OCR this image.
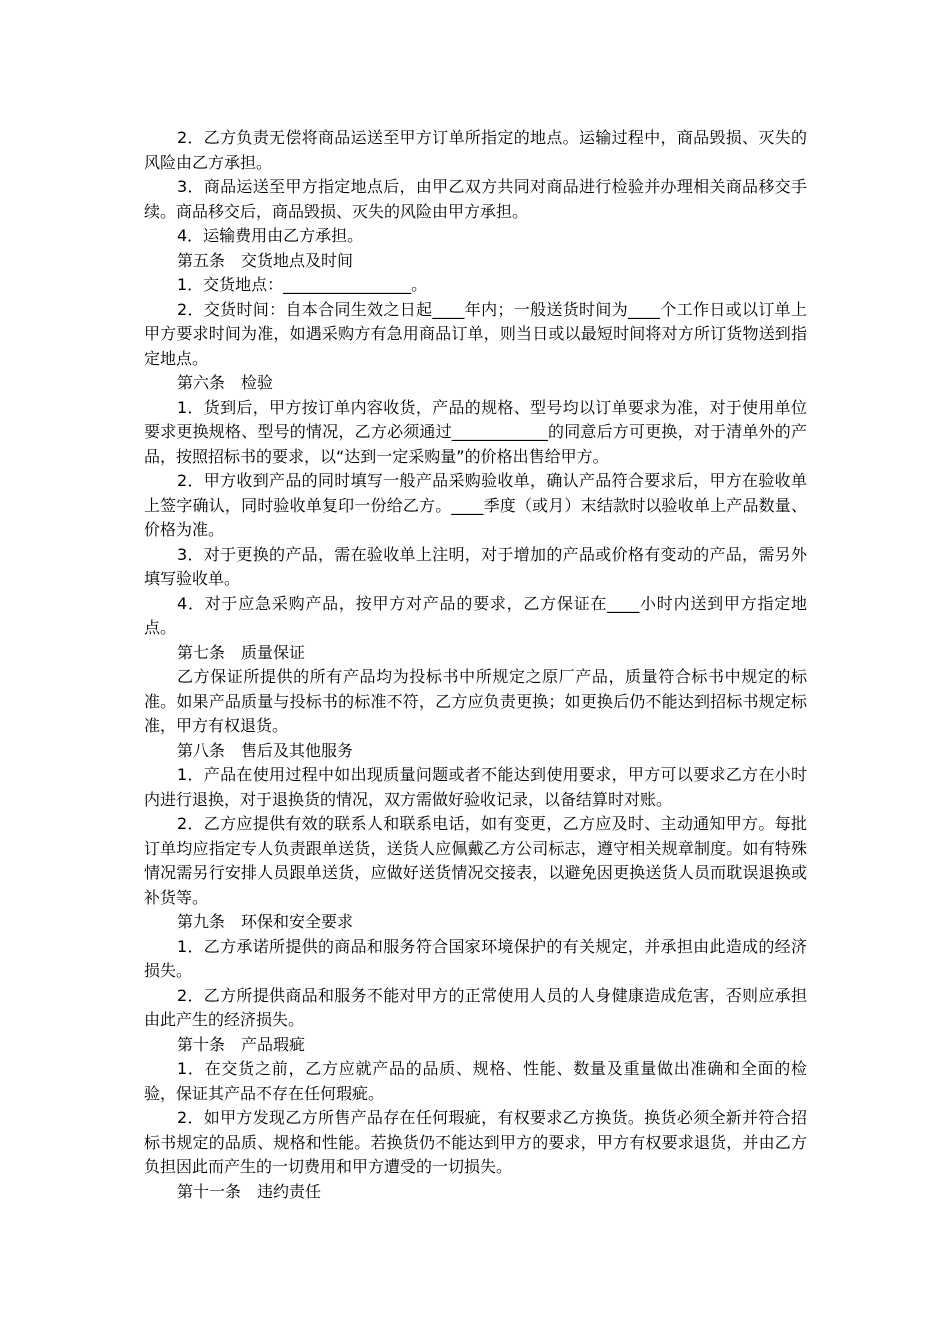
2．乙方负责无偿将商品运送至甲方订单所指定的地点。运输过程中，商品毁损、灭失的风险由乙方承担。

3．商品运送至甲方指定地点后，由甲乙双方共同对商品进行检验并办理相关商品移交手续。商品移交后，商品毁损、灭失的风险由甲方承担。

4．运输费用由乙方承担。

第五条　交货地点及时间

1．交货地点：________________。

2．交货时间：自本合同生效之日起____年内；一般送货时间为____个工作日或以订单上甲方要求时间为准，如遇采购方有急用商品订单，则当日或以最短时间将对方所订货物送到指定地点。

第六条　检验

1．货到后，甲方按订单内容收货，产品的规格、型号均以订单要求为准，对于使用单位要求更换规格、型号的情况，乙方必须通过____________的同意后方可更换，对于清单外的产品，按照招标书的要求，以“达到一定采购量”的价格出售给甲方。

2．甲方收到产品的同时填写一般产品采购验收单，确认产品符合要求后，甲方在验收单上签字确认，同时验收单复印一份给乙方。____季度（或月）末结款时以验收单上产品数量、价格为准。

3．对于更换的产品，需在验收单上注明，对于增加的产品或价格有变动的产品，需另外填写验收单。

4．对于应急采购产品，按甲方对产品的要求，乙方保证在____小时内送到甲方指定地点。

第七条　质量保证

乙方保证所提供的所有产品均为投标书中所规定之原厂产品，质量符合标书中规定的标准。如果产品质量与投标书的标准不符，乙方应负责更换；如更换后仍不能达到招标书规定标准，甲方有权退货。

第八条　售后及其他服务

1．产品在使用过程中如出现质量问题或者不能达到使用要求，甲方可以要求乙方在小时内进行退换，对于退换货的情况，双方需做好验收记录，以备结算时对账。

2．乙方应提供有效的联系人和联系电话，如有变更，乙方应及时、主动通知甲方。每批订单均应指定专人负责跟单送货，送货人应佩戴乙方公司标志，遵守相关规章制度。如有特殊情况需另行安排人员跟单送货，应做好送货情况交接表，以避免因更换送货人员而耽误退换或补货等。

第九条　环保和安全要求

1．乙方承诺所提供的商品和服务符合国家环境保护的有关规定，并承担由此造成的经济损失。

2．乙方所提供商品和服务不能对甲方的正常使用人员的人身健康造成危害，否则应承担由此产生的经济损失。

第十条　产品瑕疵

1．在交货之前，乙方应就产品的品质、规格、性能、数量及重量做出准确和全面的检验，保证其产品不存在任何瑕疵。

2．如甲方发现乙方所售产品存在任何瑕疵，有权要求乙方换货。换货必须全新并符合招标书规定的品质、规格和性能。若换货仍不能达到甲方的要求，甲方有权要求退货，并由乙方负担因此而产生的一切费用和甲方遭受的一切损失。

第十一条　违约责任
